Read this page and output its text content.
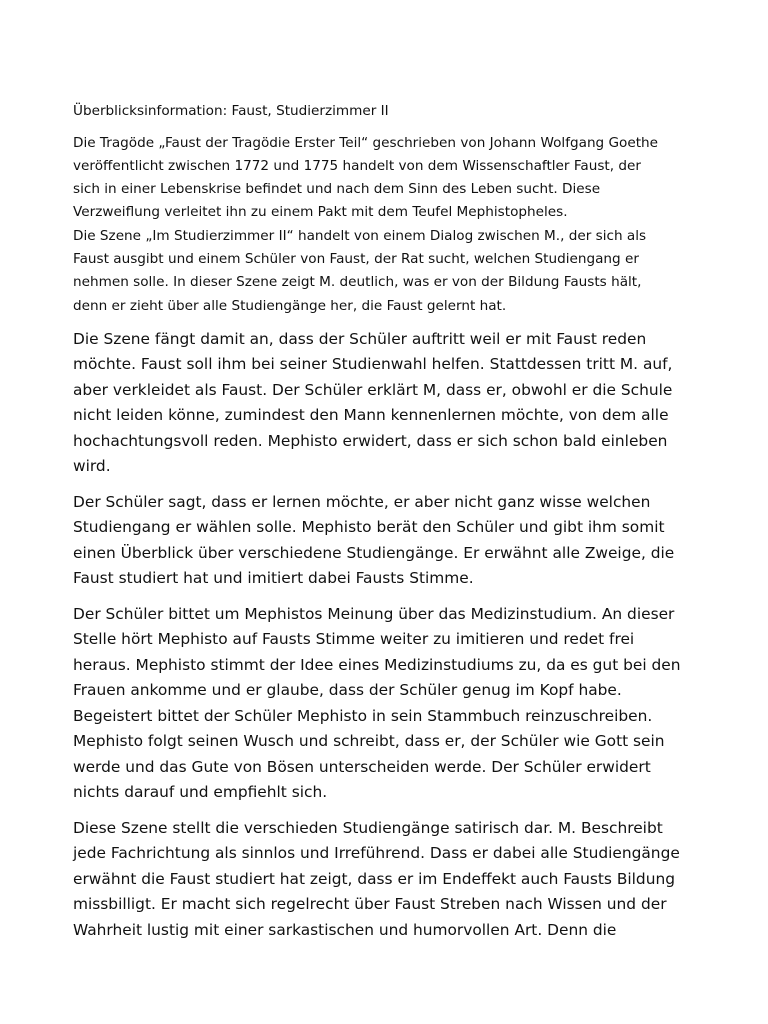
Überblicksinformation: Faust, Studierzimmer II
Die Tragöde „Faust der Tragödie Erster Teil“ geschrieben von Johann Wolfgang Goethe
veröffentlicht zwischen 1772 und 1775 handelt von dem Wissenschaftler Faust, der
sich in einer Lebenskrise befindet und nach dem Sinn des Leben sucht. Diese
Verzweiflung verleitet ihn zu einem Pakt mit dem Teufel Mephistopheles.
Die Szene „Im Studierzimmer II“ handelt von einem Dialog zwischen M., der sich als
Faust ausgibt und einem Schüler von Faust, der Rat sucht, welchen Studiengang er
nehmen solle. In dieser Szene zeigt M. deutlich, was er von der Bildung Fausts hält,
denn er zieht über alle Studiengänge her, die Faust gelernt hat.
Die Szene fängt damit an, dass der Schüler auftritt weil er mit Faust reden
möchte. Faust soll ihm bei seiner Studienwahl helfen. Stattdessen tritt M. auf,
aber verkleidet als Faust. Der Schüler erklärt M, dass er, obwohl er die Schule
nicht leiden könne, zumindest den Mann kennenlernen möchte, von dem alle
hochachtungsvoll reden. Mephisto erwidert, dass er sich schon bald einleben
wird.
Der Schüler sagt, dass er lernen möchte, er aber nicht ganz wisse welchen
Studiengang er wählen solle. Mephisto berät den Schüler und gibt ihm somit
einen Überblick über verschiedene Studiengänge. Er erwähnt alle Zweige, die
Faust studiert hat und imitiert dabei Fausts Stimme.
Der Schüler bittet um Mephistos Meinung über das Medizinstudium. An dieser
Stelle hört Mephisto auf Fausts Stimme weiter zu imitieren und redet frei
heraus. Mephisto stimmt der Idee eines Medizinstudiums zu, da es gut bei den
Frauen ankomme und er glaube, dass der Schüler genug im Kopf habe.
Begeistert bittet der Schüler Mephisto in sein Stammbuch reinzuschreiben.
Mephisto folgt seinen Wusch und schreibt, dass er, der Schüler wie Gott sein
werde und das Gute von Bösen unterscheiden werde. Der Schüler erwidert
nichts darauf und empfiehlt sich.
Diese Szene stellt die verschieden Studiengänge satirisch dar. M. Beschreibt
jede Fachrichtung als sinnlos und Irreführend. Dass er dabei alle Studiengänge
erwähnt die Faust studiert hat zeigt, dass er im Endeffekt auch Fausts Bildung
missbilligt. Er macht sich regelrecht über Faust Streben nach Wissen und der
Wahrheit lustig mit einer sarkastischen und humorvollen Art. Denn die
